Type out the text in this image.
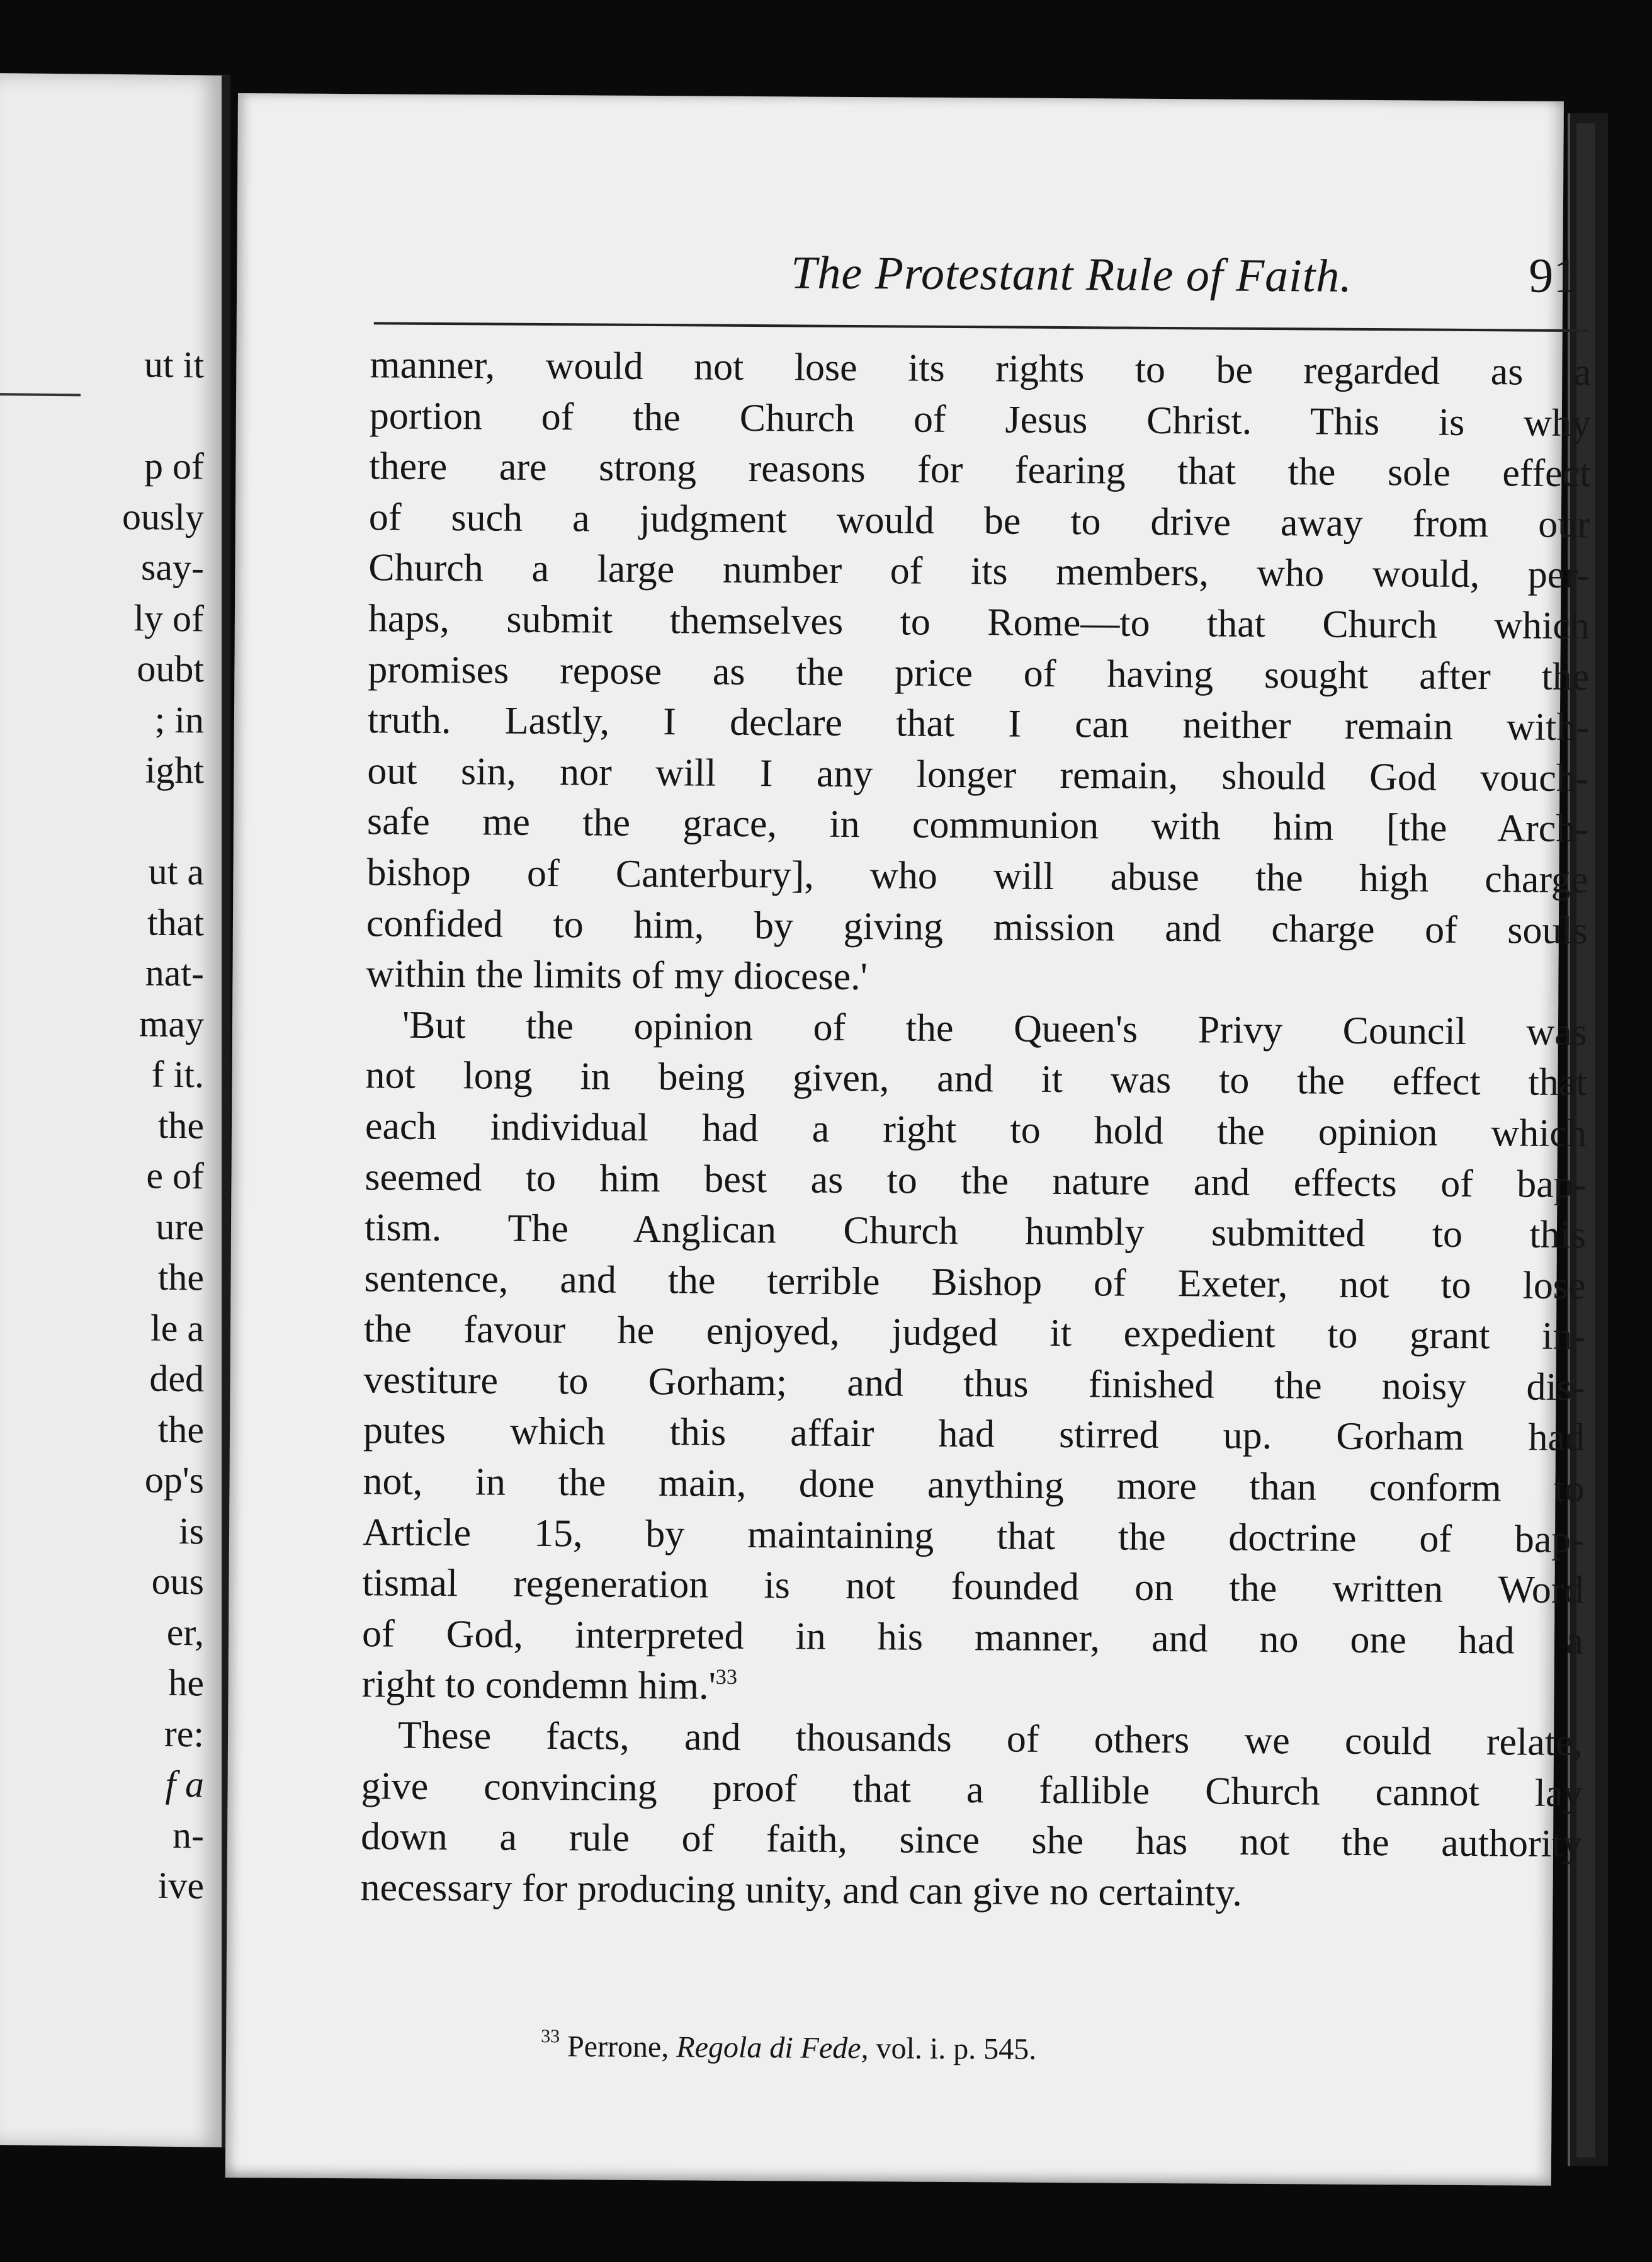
ut it
p of
ously
say-
ly of
oubt
; in
ight
ut a
that
nat-
may
f it.
the
e of
ure
the
le a
ded
the
op's
is
ous
er,
he
re:
f a
n-
ive
The Protestant Rule of Faith.	91
manner, would not lose its rights to be regarded as a
portion of the Church of Jesus Christ. This is why
there are strong reasons for fearing that the sole effect
of such a judgment would be to drive away from our
Church a large number of its members, who would, per-
haps, submit themselves to Rome—to that Church which
promises repose as the price of having sought after the
truth. Lastly, I declare that I can neither remain with-
out sin, nor will I any longer remain, should God vouch-
safe me the grace, in communion with him [the Arch-
bishop of Canterbury], who will abuse the high charge
confided to him, by giving mission and charge of souls
within the limits of my diocese.'
'But the opinion of the Queen's Privy Council was
not long in being given, and it was to the effect that
each individual had a right to hold the opinion which
seemed to him best as to the nature and effects of bap-
tism. The Anglican Church humbly submitted to this
sentence, and the terrible Bishop of Exeter, not to lose
the favour he enjoyed, judged it expedient to grant in-
vestiture to Gorham; and thus finished the noisy dis-
putes which this affair had stirred up. Gorham had
not, in the main, done anything more than conform to
Article 15, by maintaining that the doctrine of bap-
tismal regeneration is not founded on the written Word
of God, interpreted in his manner, and no one had a
right to condemn $him.'^{33}$
These facts, and thousands of others we could relate,
give convincing proof that a fallible Church cannot lay
down a rule of faith, since she has not the authority
necessary for producing unity, and can give no certainty.
$^{33}$ Perrone, Regola di Fede, vol. i. p. 545.
